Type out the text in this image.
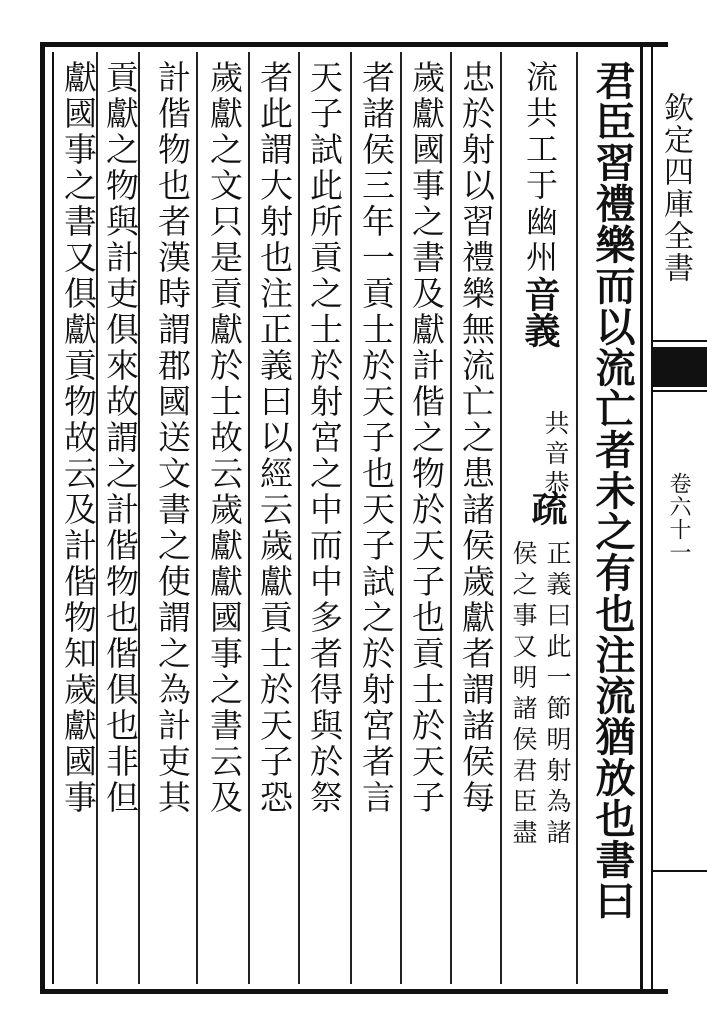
君臣習禮樂而以流亡者未之有也注流猶放也書曰
流共工于幽州音義
共音恭
疏
正義曰此一節明射為諸
侯之事又明諸侯君臣盡
忠於射以習禮樂無流亡之患諸侯歲獻者謂諸侯每
歲獻國事之書及獻計偕之物於天子也貢士於天子
者諸侯三年一貢士於天子也天子試之於射宮者言
天子試此所貢之士於射宮之中而中多者得與於祭
者此謂大射也注正義曰以經云歲獻貢士於天子恐
歲獻之文只是貢獻於士故云歲獻獻國事之書云及
計偕物也者漢時謂郡國送文書之使謂之為計吏其
貢獻之物與計吏俱來故謂之計偕物也偕俱也非但
獻國事之書又俱獻貢物故云及計偕物知歲獻國事	欽定四庫全書
卷六十一
